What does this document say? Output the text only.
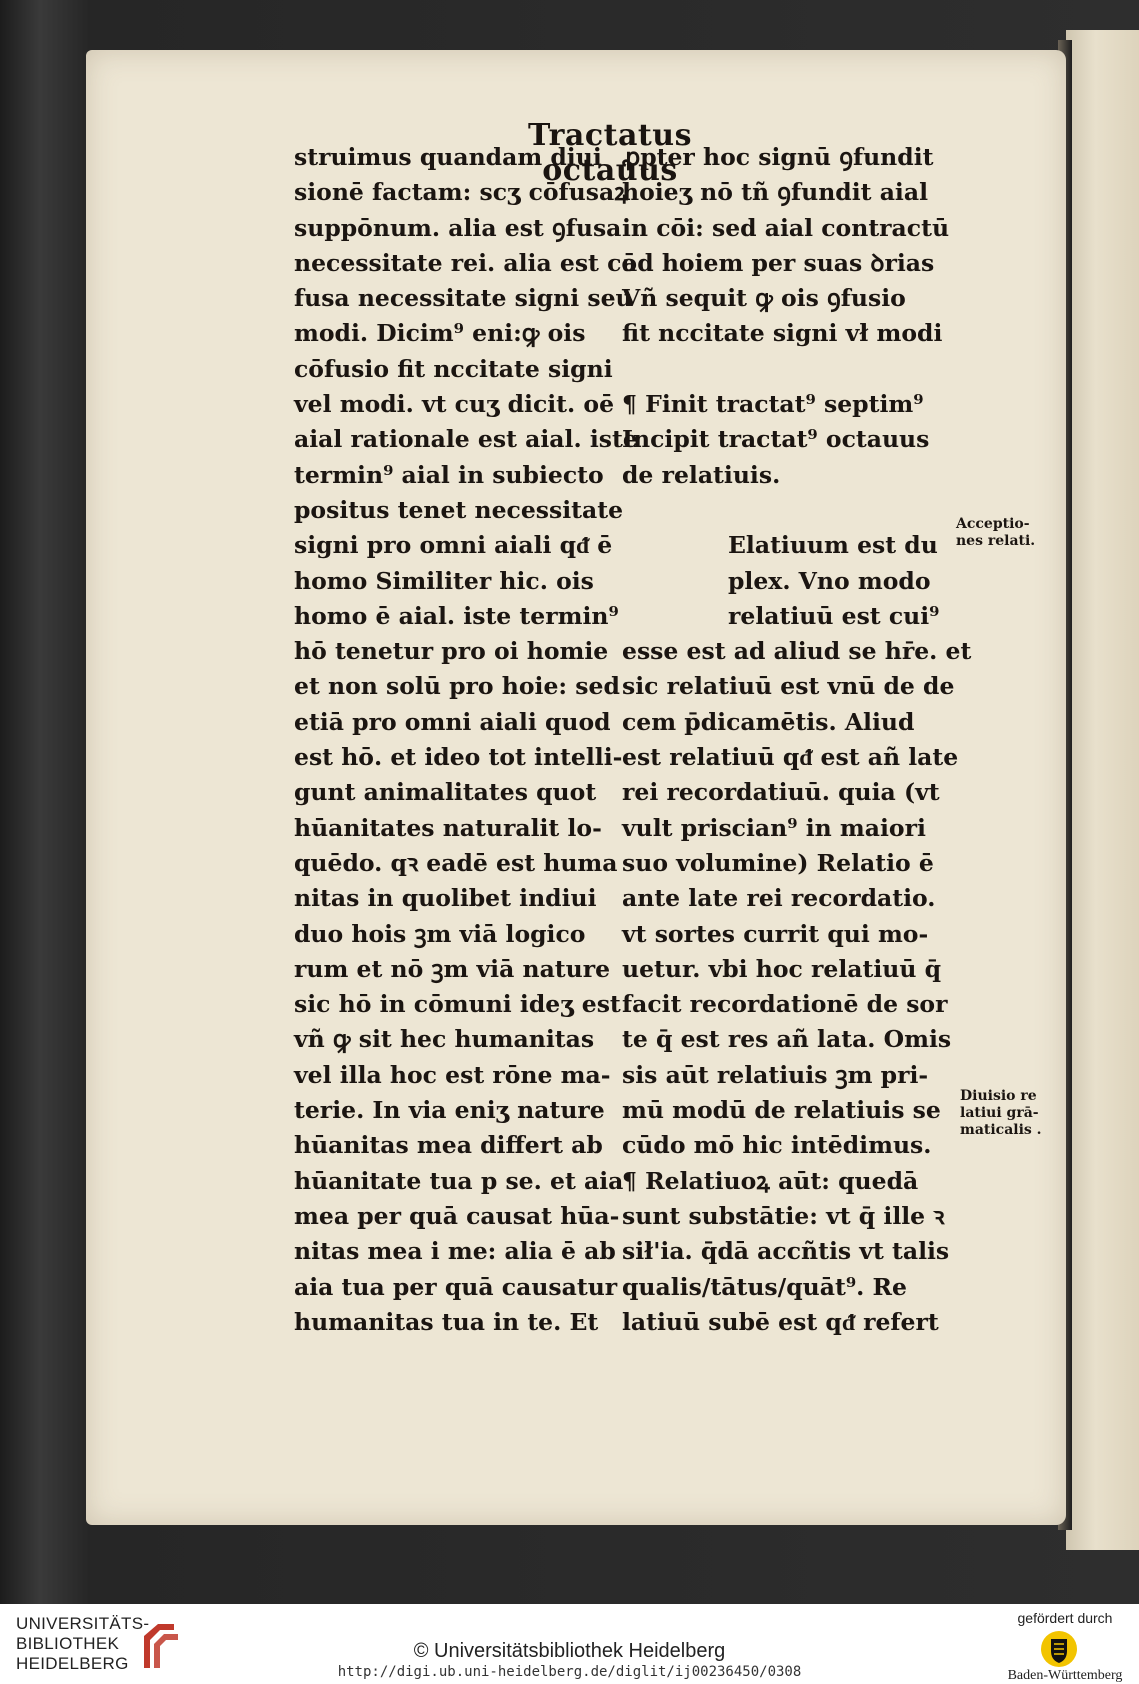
Tractatus octauus
struimus quandam diui
sionē factam: scʒ cōfusaꝝ
suppōnum. alia est ꝯfusa
necessitate rei. alia est cō
fusa necessitate signi seu
modi. Dicim⁹ eni:ꝙ ois
cōfusio fit nccitate signi
vel modi. vt cuʒ dicit. oē
aial rationale est aial. iste
termin⁹ aial in subiecto
positus tenet necessitate
signi pro omni aiali qᵭ ē
homo Similiter hic. ois
homo ē aial. iste termin⁹
hō tenetur pro oi homie
et non solū pro hoie: sed
etiā pro omni aiali quod
est hō. et ideo tot intelli-
gunt animalitates quot
hūanitates naturalit lo-
quēdo. qꝛ eadē est huma
nitas in quolibet indiui
duo hois ꝫm viā logico
rum et nō ꝫm viā nature
sic hō in cōmuni ideʒ est
vñ ꝙ sit hec humanitas
vel illa hoc est rōne ma-
terie. In via eniʒ nature
hūanitas mea differt ab
hūanitate tua p se. et aia
mea per quā causat hūa-
nitas mea i me: alia ē ab
aia tua per quā causatur
humanitas tua in te. Et
ꝓpter hoc signū ꝯfundit
hoieʒ nō tñ ꝯfundit aial
in cōi: sed aial contractū
ad hoiem per suas ꝺrias
Vñ sequit ꝙ ois ꝯfusio
fit nccitate signi vł modi
¶ Finit tractat⁹ septim⁹
Incipit tractat⁹ octauus
de relatiuis.
Elatiuum est du
plex. Vno modo
relatiuū est cui⁹
esse est ad aliud se hr̄e. et
sic relatiuū est vnū de de
cem p̄dicamētis. Aliud
est relatiuū qᵭ est añ late
rei recordatiuū. quia (vt
vult priscian⁹ in maiori
suo volumine) Relatio ē
ante late rei recordatio.
vt sortes currit qui mo-
uetur. vbi hoc relatiuū q̄
facit recordationē de sor
te q̄ est res añ lata. Omis
sis aūt relatiuis ꝫm pri-
mū modū de relatiuis se
cūdo mō hic intēdimus.
¶ Relatiuoꝝ aūt: quedā
sunt substātie: vt q̄ ille ꝛ
sił'ia. q̄dā accñtis vt talis
qualis/tātus/quāt⁹. Re
latiuū subē est qᵭ refert
Acceptio-
nes relati.
Diuisio re
latiui grā-
maticalis .
UNIVERSITÄTS-
BIBLIOTHEK
HEIDELBERG
© Universitätsbibliothek Heidelberg
http://digi.ub.uni-heidelberg.de/diglit/ij00236450/0308
gefördert durch
Baden-Württemberg
